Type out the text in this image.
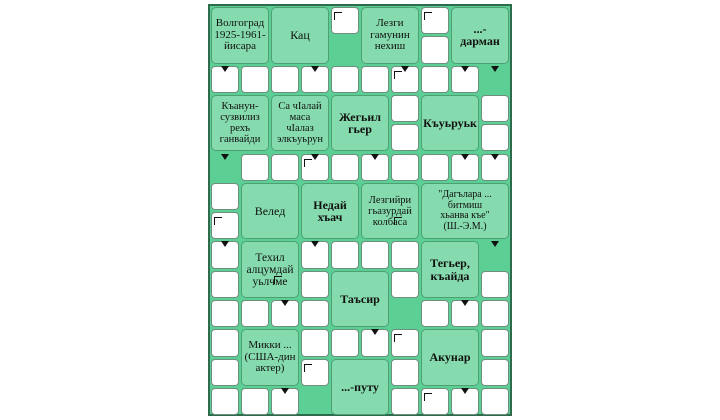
Волгоград
1925-1961-
йисара
Кац
Лезги
гамунин
нехиш
...-
дарман
Къанун-
сузвилиз
рехъ
ганвайди
Са чIалай
маса
чIалаз
элкъуьрун
Жегьил
гьер	Къуьруьк
Велед	Недай
хъач
Лезгийри
гьазурдай
колбаса
"Дагълара ...
битмиш
хьанва къе"
(Ш.-Э.М.)
Техил
алцумдай
уьлчме
Тегьер,
къайда
Таъсир
Микки ...
(США-дин
актер)
Акунар
...-путу
